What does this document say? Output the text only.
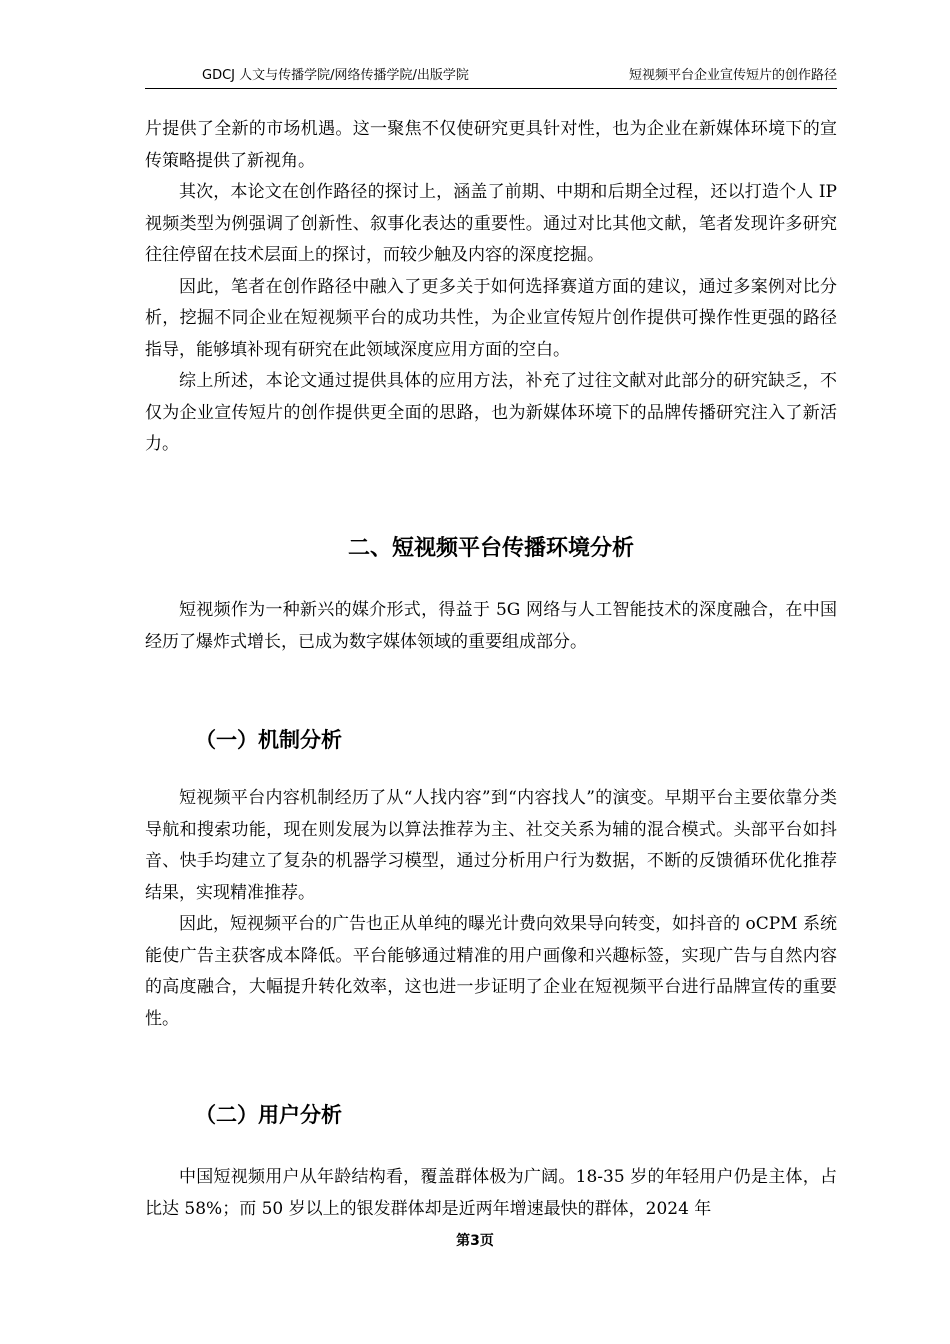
GDCJ 人文与传播学院/网络传播学院/出版学院	短视频平台企业宣传短片的创作路径

片提供了全新的市场机遇。这一聚焦不仅使研究更具针对性，也为企业在新媒体环境下的宣传策略提供了新视角。

其次，本论文在创作路径的探讨上，涵盖了前期、中期和后期全过程，还以打造个人 IP 视频类型为例强调了创新性、叙事化表达的重要性。通过对比其他文献，笔者发现许多研究往往停留在技术层面上的探讨，而较少触及内容的深度挖掘。

因此，笔者在创作路径中融入了更多关于如何选择赛道方面的建议，通过多案例对比分析，挖掘不同企业在短视频平台的成功共性，为企业宣传短片创作提供可操作性更强的路径指导，能够填补现有研究在此领域深度应用方面的空白。

综上所述，本论文通过提供具体的应用方法，补充了过往文献对此部分的研究缺乏，不仅为企业宣传短片的创作提供更全面的思路，也为新媒体环境下的品牌传播研究注入了新活力。

二、短视频平台传播环境分析

短视频作为一种新兴的媒介形式，得益于 5G 网络与人工智能技术的深度融合，在中国经历了爆炸式增长，已成为数字媒体领域的重要组成部分。

（一）机制分析

短视频平台内容机制经历了从“人找内容”到“内容找人”的演变。早期平台主要依靠分类导航和搜索功能，现在则发展为以算法推荐为主、社交关系为辅的混合模式。头部平台如抖音、快手均建立了复杂的机器学习模型，通过分析用户行为数据，不断的反馈循环优化推荐结果，实现精准推荐。

因此，短视频平台的广告也正从单纯的曝光计费向效果导向转变，如抖音的 oCPM 系统能使广告主获客成本降低。平台能够通过精准的用户画像和兴趣标签，实现广告与自然内容的高度融合，大幅提升转化效率，这也进一步证明了企业在短视频平台进行品牌宣传的重要性。

（二）用户分析

中国短视频用户从年龄结构看，覆盖群体极为广阔。18-35 岁的年轻用户仍是主体，占比达 58%；而 50 岁以上的银发群体却是近两年增速最快的群体，2024 年

第3页
